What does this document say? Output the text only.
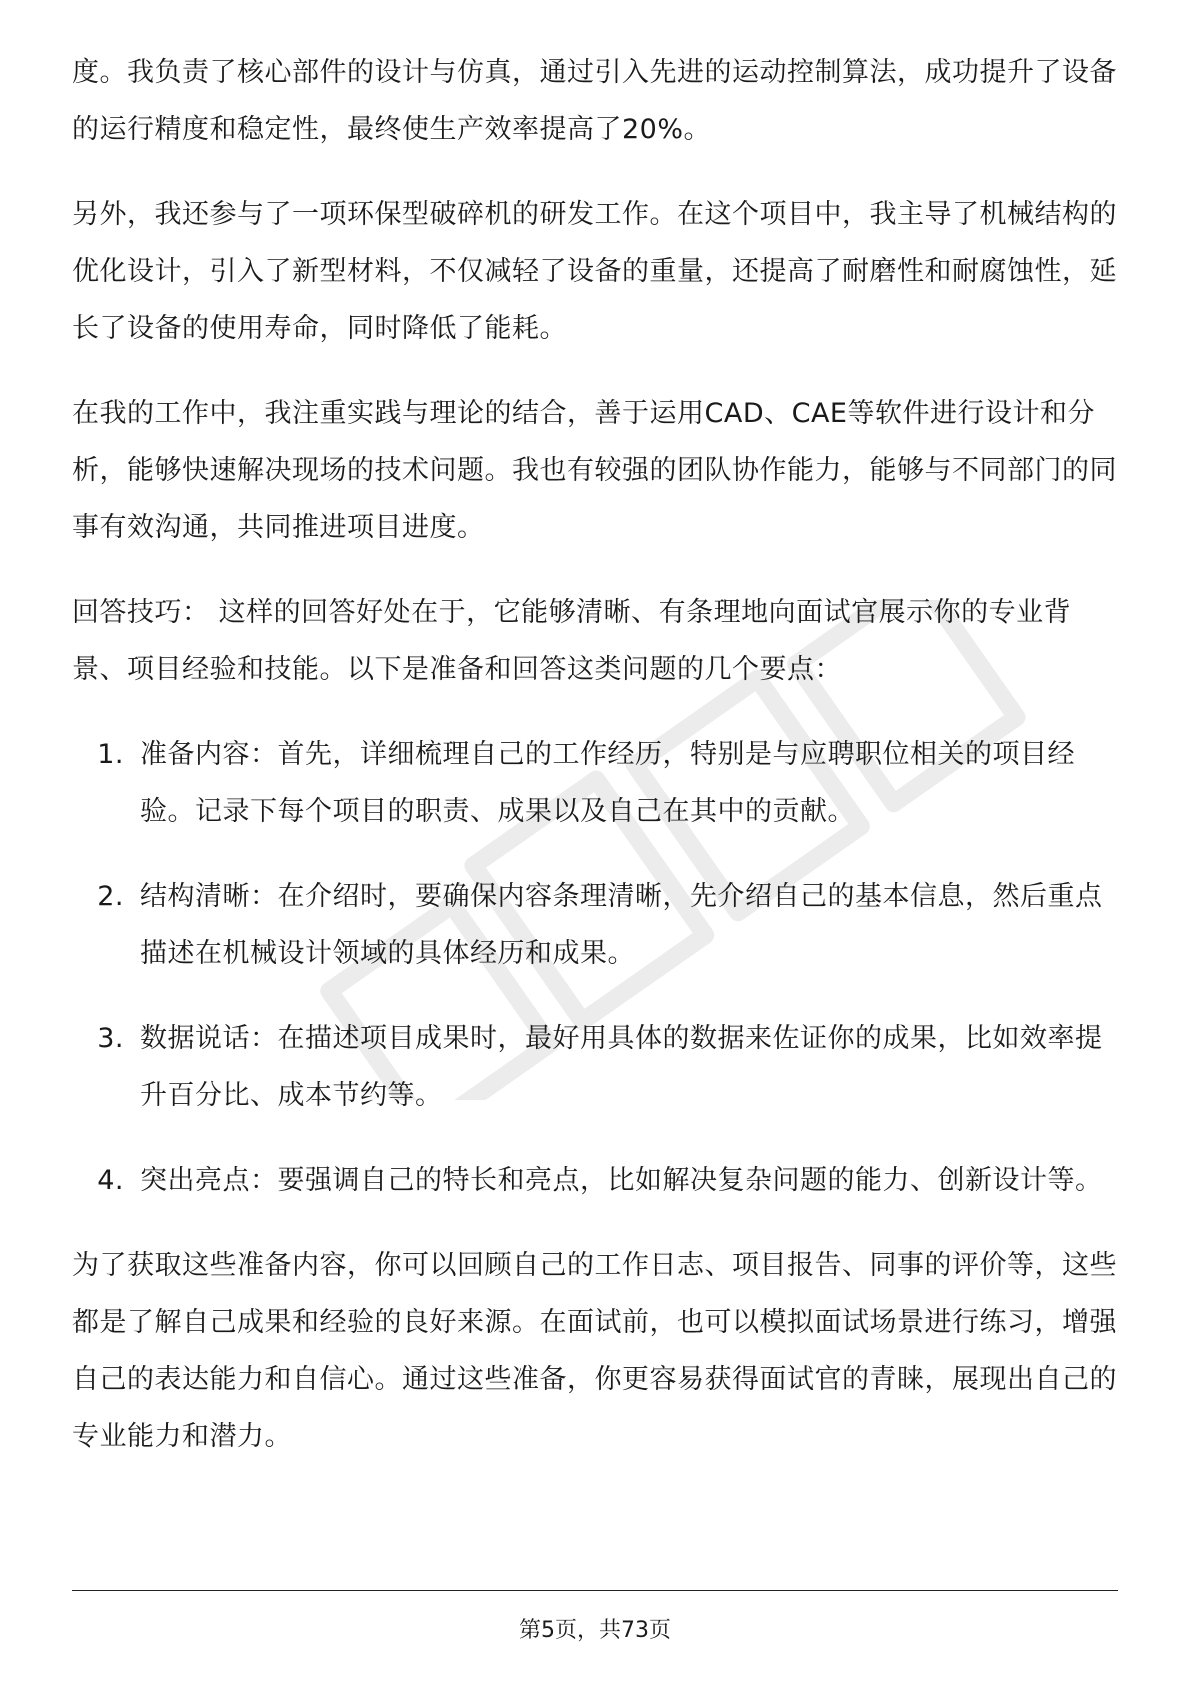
度。我负责了核心部件的设计与仿真，通过引入先进的运动控制算法，成功提升了设备的运行精度和稳定性，最终使生产效率提高了20%。

另外，我还参与了一项环保型破碎机的研发工作。在这个项目中，我主导了机械结构的优化设计，引入了新型材料，不仅减轻了设备的重量，还提高了耐磨性和耐腐蚀性，延长了设备的使用寿命，同时降低了能耗。

在我的工作中，我注重实践与理论的结合，善于运用CAD、CAE等软件进行设计和分析，能够快速解决现场的技术问题。我也有较强的团队协作能力，能够与不同部门的同事有效沟通，共同推进项目进度。

回答技巧： 这样的回答好处在于，它能够清晰、有条理地向面试官展示你的专业背景、项目经验和技能。以下是准备和回答这类问题的几个要点：

1. 准备内容：首先，详细梳理自己的工作经历，特别是与应聘职位相关的项目经验。记录下每个项目的职责、成果以及自己在其中的贡献。
2. 结构清晰：在介绍时，要确保内容条理清晰，先介绍自己的基本信息，然后重点描述在机械设计领域的具体经历和成果。
3. 数据说话：在描述项目成果时，最好用具体的数据来佐证你的成果，比如效率提升百分比、成本节约等。
4. 突出亮点：要强调自己的特长和亮点，比如解决复杂问题的能力、创新设计等。

为了获取这些准备内容，你可以回顾自己的工作日志、项目报告、同事的评价等，这些都是了解自己成果和经验的良好来源。在面试前，也可以模拟面试场景进行练习，增强自己的表达能力和自信心。通过这些准备，你更容易获得面试官的青睐，展现出自己的专业能力和潜力。

第5页，共73页
